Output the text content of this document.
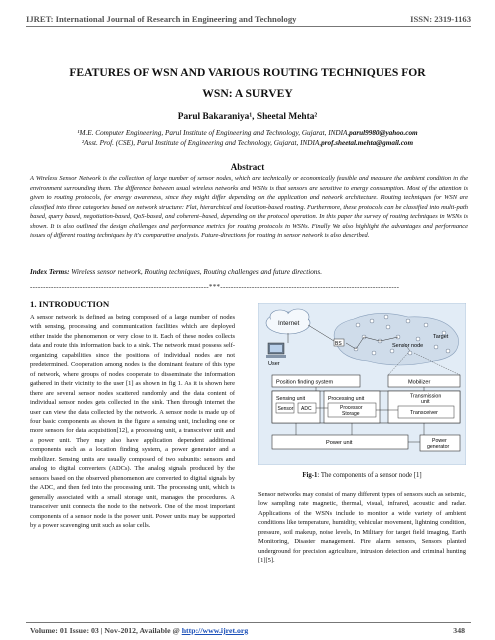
IJRET: International Journal of Research in Engineering and Technology	ISSN: 2319-1163
FEATURES OF WSN AND VARIOUS ROUTING TECHNIQUES FOR
WSN: A SURVEY
Parul Bakaraniya¹, Sheetal Mehta²
¹M.E. Computer Engineering, Parul Institute of Engineering and Technology, Gujarat, INDIA,parul9980@yahoo.com
²Asst. Prof. (CSE), Parul Institute of Engineering and Technology, Gujarat, INDIA,prof.sheetal.mehta@gmail.com
Abstract
A Wireless Sensor Network is the collection of large number of sensor nodes, which are technically or economically feasible and measure the ambient condition in the environment surrounding them. The difference between usual wireless networks and WSNs is that sensors are sensitive to energy consumption. Most of the attention is given to routing protocols, for energy awareness, since they might differ depending on the application and network architecture. Routing techniques for WSN are classified into three categories based on network structure: Flat, hierarchical and location-based routing. Furthermore, these protocols can be classified into multi-path based, query based, negotiation-based, QoS-based, and coherent–based, depending on the protocol operation. In this paper the survey of routing techniques in WSNs is shown. It is also outlined the design challenges and performance metrics for routing protocols in WSNs. Finally We also highlight the advantages and performance issues of different routing techniques by it's comparative analysis. Future-directions for routing in sensor network is also described.
Index Terms: Wireless sensor network, Routing techniques, Routing challenges and future directions.
--------------------------------------------------------------------***--------------------------------------------------------------------
1. INTRODUCTION
A sensor network is defined as being composed of a large number of nodes with sensing, processing and communication facilities which are deployed either inside the phenomenon or very close to it. Each of these nodes collects data and route this information back to a sink. The network must possess self-organizing capabilities since the positions of individual nodes are not predetermined. Cooperation among nodes is the dominant feature of this type of network, where groups of nodes cooperate to disseminate the information gathered in their vicinity to the user [1] as shown in fig 1. As it is shown here there are several sensor nodes scattered randomly and the data content of individual sensor nodes gets collected in the sink. Then through internet the user can view the data collected by the network. A sensor node is made up of four basic components as shown in the figure a sensing unit, including one or more sensors for data acquisition[12], a processing unit, a transceiver unit and a power unit. They may also have application dependent additional components such as a location finding system, a power generator and a mobilizer. Sensing units are usually composed of two subunits: sensors and analog to digital converters (ADCs). The analog signals produced by the sensors based on the observed phenomenon are converted to digital signals by the ADC, and then fed into the processing unit. The processing unit, which is generally associated with a small storage unit, manages the procedures. A transceiver unit connects the node to the network. One of the most important components of a sensor node is the power unit. Power units may be supported by a power scavenging unit such as solar cells.
Internet
User
BS	Sensor node
Target
Position finding system	Mobilizer
Sensing unit
Sensor ADC
Processing unit
Processor
Storage
Transmission
unit
Transceiver
Power unit	Power
generator
Fig-1: The components of a sensor node [1]
Sensor networks may consist of many different types of sensors such as seismic, low sampling rate magnetic, thermal, visual, infrared, acoustic and radar. Applications of the WSNs include to monitor a wide variety of ambient conditions like temperature, humidity, vehicular movement, lightning condition, pressure, soil makeup, noise levels, In Military for target field imaging, Earth Monitoring, Disaster management. Fire alarm sensors, Sensors planted underground for precision agriculture, intrusion detection and criminal hunting [1][5].
Volume: 01 Issue: 03 | Nov-2012, Available @ http://www.ijret.org	348
